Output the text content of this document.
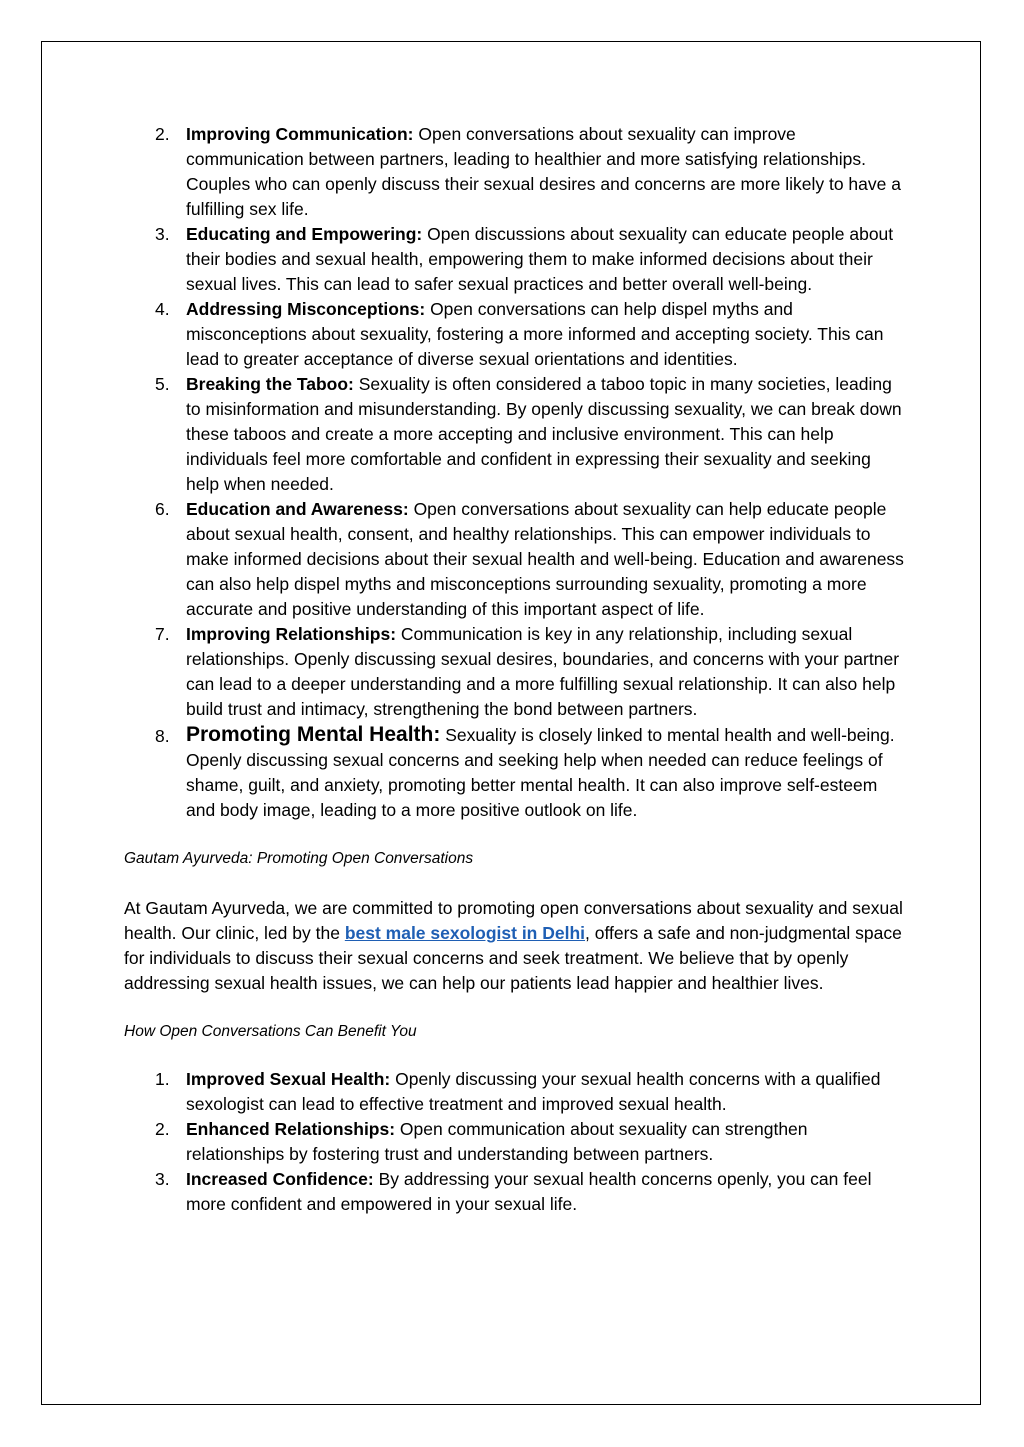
2. Improving Communication: Open conversations about sexuality can improve communication between partners, leading to healthier and more satisfying relationships. Couples who can openly discuss their sexual desires and concerns are more likely to have a fulfilling sex life.
3. Educating and Empowering: Open discussions about sexuality can educate people about their bodies and sexual health, empowering them to make informed decisions about their sexual lives. This can lead to safer sexual practices and better overall well-being.
4. Addressing Misconceptions: Open conversations can help dispel myths and misconceptions about sexuality, fostering a more informed and accepting society. This can lead to greater acceptance of diverse sexual orientations and identities.
5. Breaking the Taboo: Sexuality is often considered a taboo topic in many societies, leading to misinformation and misunderstanding. By openly discussing sexuality, we can break down these taboos and create a more accepting and inclusive environment. This can help individuals feel more comfortable and confident in expressing their sexuality and seeking help when needed.
6. Education and Awareness: Open conversations about sexuality can help educate people about sexual health, consent, and healthy relationships. This can empower individuals to make informed decisions about their sexual health and well-being. Education and awareness can also help dispel myths and misconceptions surrounding sexuality, promoting a more accurate and positive understanding of this important aspect of life.
7. Improving Relationships: Communication is key in any relationship, including sexual relationships. Openly discussing sexual desires, boundaries, and concerns with your partner can lead to a deeper understanding and a more fulfilling sexual relationship. It can also help build trust and intimacy, strengthening the bond between partners.
8. Promoting Mental Health: Sexuality is closely linked to mental health and well-being. Openly discussing sexual concerns and seeking help when needed can reduce feelings of shame, guilt, and anxiety, promoting better mental health. It can also improve self-esteem and body image, leading to a more positive outlook on life.

Gautam Ayurveda: Promoting Open Conversations

At Gautam Ayurveda, we are committed to promoting open conversations about sexuality and sexual health. Our clinic, led by the best male sexologist in Delhi, offers a safe and non-judgmental space for individuals to discuss their sexual concerns and seek treatment. We believe that by openly addressing sexual health issues, we can help our patients lead happier and healthier lives.

How Open Conversations Can Benefit You

1. Improved Sexual Health: Openly discussing your sexual health concerns with a qualified sexologist can lead to effective treatment and improved sexual health.
2. Enhanced Relationships: Open communication about sexuality can strengthen relationships by fostering trust and understanding between partners.
3. Increased Confidence: By addressing your sexual health concerns openly, you can feel more confident and empowered in your sexual life.
